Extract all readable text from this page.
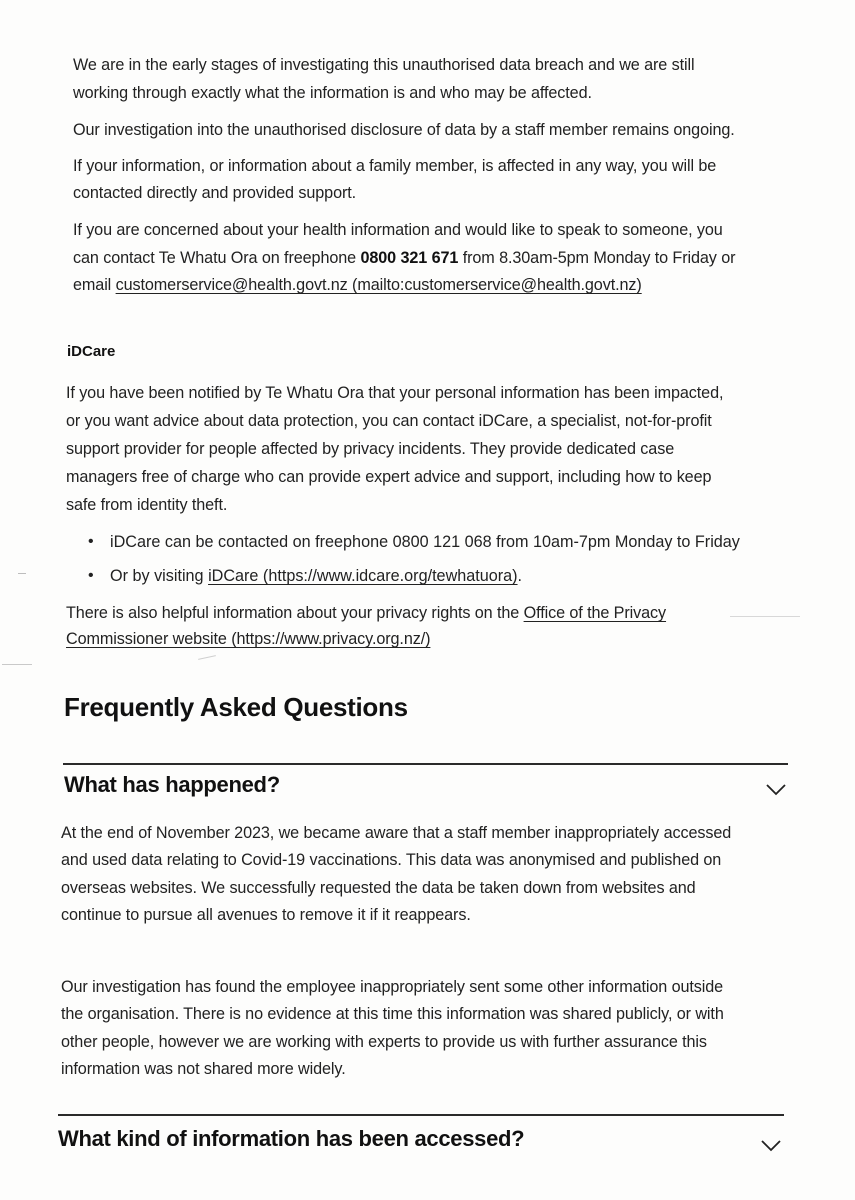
We are in the early stages of investigating this unauthorised data breach and we are still
working through exactly what the information is and who may be affected.
Our investigation into the unauthorised disclosure of data by a staff member remains ongoing.
If your information, or information about a family member, is affected in any way, you will be
contacted directly and provided support.
If you are concerned about your health information and would like to speak to someone, you
can contact Te Whatu Ora on freephone 0800 321 671 from 8.30am-5pm Monday to Friday or
email customerservice@health.govt.nz (mailto:customerservice@health.govt.nz)
iDCare
If you have been notified by Te Whatu Ora that your personal information has been impacted,
or you want advice about data protection, you can contact iDCare, a specialist, not-for-profit
support provider for people affected by privacy incidents. They provide dedicated case
managers free of charge who can provide expert advice and support, including how to keep
safe from identity theft.
• iDCare can be contacted on freephone 0800 121 068 from 10am-7pm Monday to Friday
• Or by visiting iDCare (https://www.idcare.org/tewhatuora).
There is also helpful information about your privacy rights on the Office of the Privacy
Commissioner website (https://www.privacy.org.nz/)
Frequently Asked Questions
What has happened?
At the end of November 2023, we became aware that a staff member inappropriately accessed
and used data relating to Covid-19 vaccinations. This data was anonymised and published on
overseas websites. We successfully requested the data be taken down from websites and
continue to pursue all avenues to remove it if it reappears.
Our investigation has found the employee inappropriately sent some other information outside
the organisation. There is no evidence at this time this information was shared publicly, or with
other people, however we are working with experts to provide us with further assurance this
information was not shared more widely.
What kind of information has been accessed?
